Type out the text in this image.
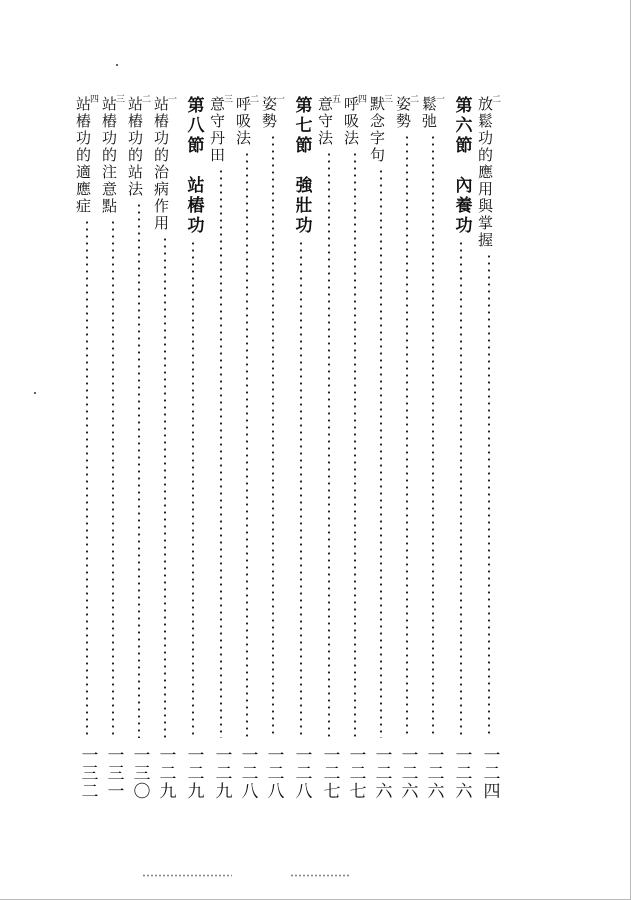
二
放鬆功的應用與掌握
一二四
第六節　內養功
一二六
一
鬆弛
一二六
二
姿勢
一二六
三
默念字句
一二六
四
呼吸法
一二七
五
意守法
一二七
第七節　強壯功
一二八
一
姿勢
一二八
二
呼吸法
一二八
三
意守丹田
一二九
第八節　站樁功
一二九
一
站樁功的治病作用
一二九
二
站樁功的站法
一三〇
三
站樁功的注意點
一三一
四
站樁功的適應症
一三二
